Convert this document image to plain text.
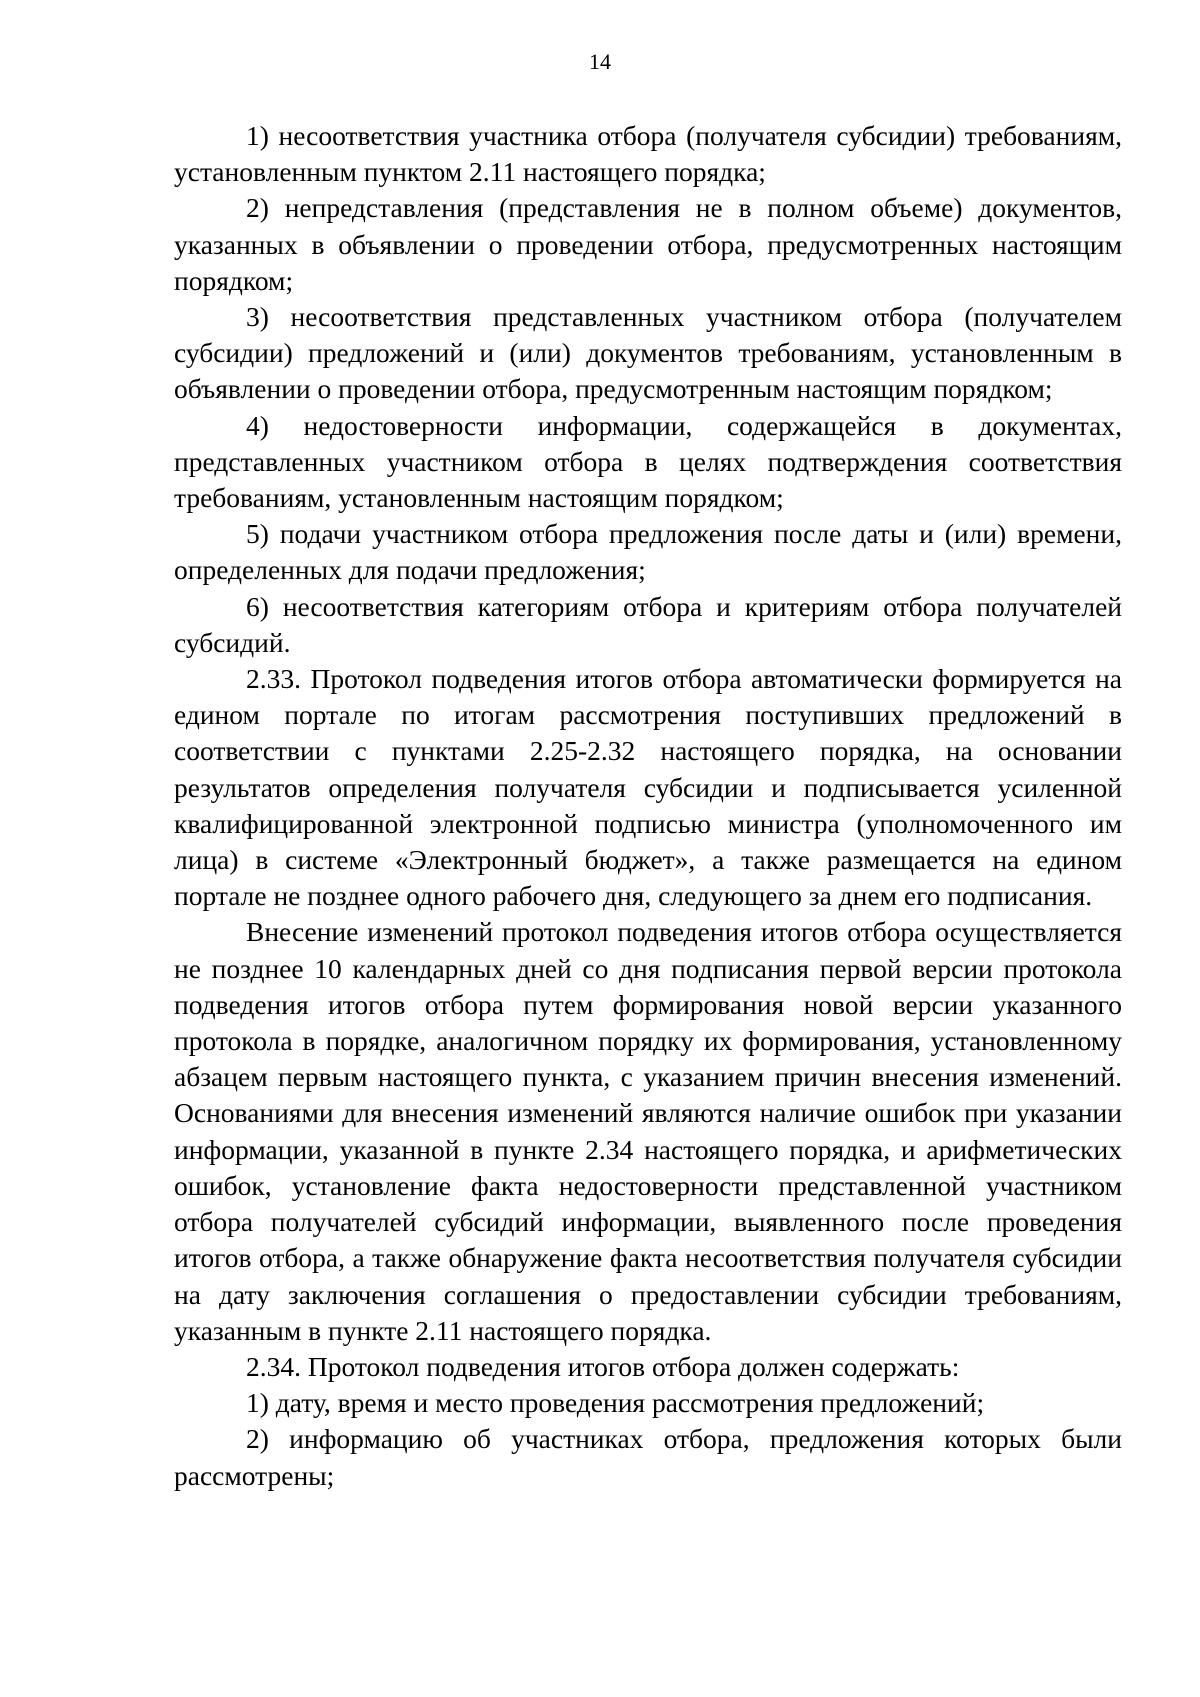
14

1) несоответствия участника отбора (получателя субсидии) требованиям, установленным пунктом 2.11 настоящего порядка;

2) непредставления (представления не в полном объеме) документов, указанных в объявлении о проведении отбора, предусмотренных настоящим порядком;

3) несоответствия представленных участником отбора (получателем субсидии) предложений и (или) документов требованиям, установленным в объявлении о проведении отбора, предусмотренным настоящим порядком;

4) недостоверности информации, содержащейся в документах, представленных участником отбора в целях подтверждения соответствия требованиям, установленным настоящим порядком;

5) подачи участником отбора предложения после даты и (или) времени, определенных для подачи предложения;

6) несоответствия категориям отбора и критериям отбора получателей субсидий.

2.33. Протокол подведения итогов отбора автоматически формируется на едином портале по итогам рассмотрения поступивших предложений в соответствии с пунктами 2.25-2.32 настоящего порядка, на основании результатов определения получателя субсидии и подписывается усиленной квалифицированной электронной подписью министра (уполномоченного им лица) в системе «Электронный бюджет», а также размещается на едином портале не позднее одного рабочего дня, следующего за днем его подписания.

Внесение изменений протокол подведения итогов отбора осуществляется не позднее 10 календарных дней со дня подписания первой версии протокола подведения итогов отбора путем формирования новой версии указанного протокола в порядке, аналогичном порядку их формирования, установленному абзацем первым настоящего пункта, с указанием причин внесения изменений. Основаниями для внесения изменений являются наличие ошибок при указании информации, указанной в пункте 2.34 настоящего порядка, и арифметических ошибок, установление факта недостоверности представленной участником отбора получателей субсидий информации, выявленного после проведения итогов отбора, а также обнаружение факта несоответствия получателя субсидии на дату заключения соглашения о предоставлении субсидии требованиям, указанным в пункте 2.11 настоящего порядка.

2.34. Протокол подведения итогов отбора должен содержать:

1) дату, время и место проведения рассмотрения предложений;

2) информацию об участниках отбора, предложения которых были рассмотрены;
